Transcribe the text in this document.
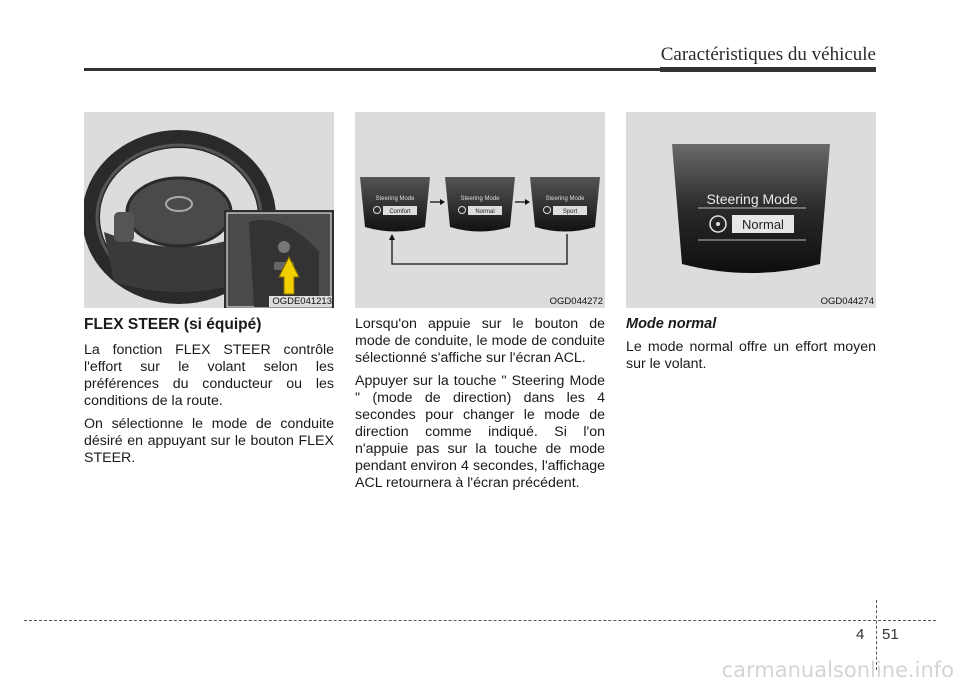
Caractéristiques du véhicule
OGDE041213
Steering Mode
Comfort
Steering Mode
Normal
Steering Mode
Sport
OGD044272
Steering Mode
Normal
OGD044274
FLEX STEER (si équipé)

La fonction FLEX STEER contrôle l'effort sur le volant selon les préférences du conducteur ou les conditions de la route.

On sélectionne le mode de conduite désiré en appuyant sur le bouton FLEX STEER.

Lorsqu'on appuie sur le bouton de mode de conduite, le mode de conduite sélectionné s'affiche sur l'écran ACL.

Appuyer sur la touche " Steering Mode " (mode de direction) dans les 4 secondes pour changer le mode de direction comme indiqué. Si l'on n'appuie pas sur la touche de mode pendant environ 4 secondes, l'affichage ACL retournera à l'écran précédent.

Mode normal

Le mode normal offre un effort moyen sur le volant.

4 51
carmanualsonline.info
